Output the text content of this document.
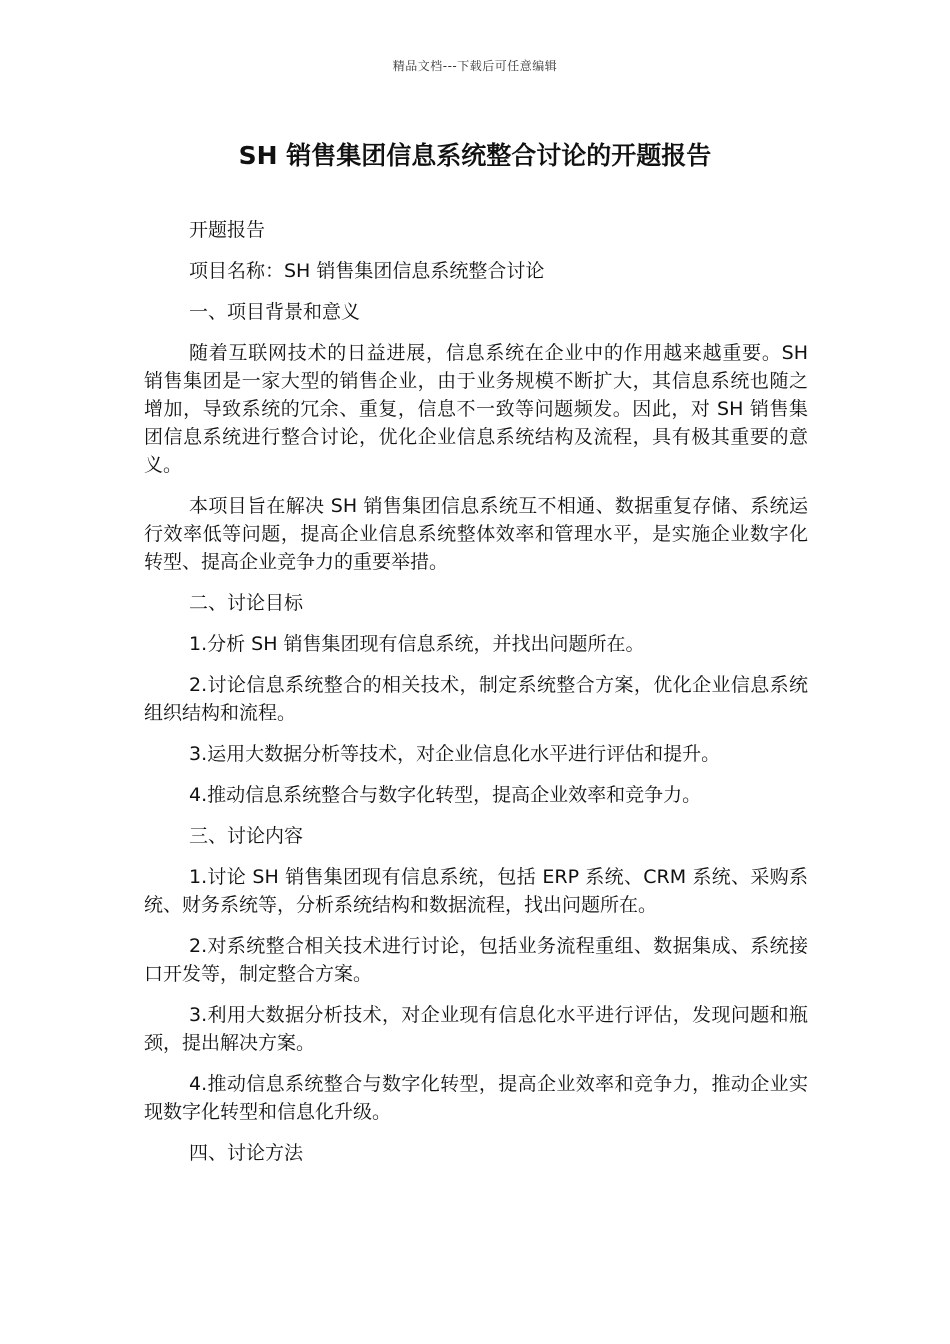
精品文档---下载后可任意编辑
SH 销售集团信息系统整合讨论的开题报告

开题报告

项目名称：SH 销售集团信息系统整合讨论

一、项目背景和意义

随着互联网技术的日益进展，信息系统在企业中的作用越来越重要。SH 销售集团是一家大型的销售企业，由于业务规模不断扩大，其信息系统也随之增加，导致系统的冗余、重复，信息不一致等问题频发。因此，对 SH 销售集团信息系统进行整合讨论，优化企业信息系统结构及流程，具有极其重要的意义。

本项目旨在解决 SH 销售集团信息系统互不相通、数据重复存储、系统运行效率低等问题，提高企业信息系统整体效率和管理水平，是实施企业数字化转型、提高企业竞争力的重要举措。

二、讨论目标

1.分析 SH 销售集团现有信息系统，并找出问题所在。

2.讨论信息系统整合的相关技术，制定系统整合方案，优化企业信息系统组织结构和流程。

3.运用大数据分析等技术，对企业信息化水平进行评估和提升。

4.推动信息系统整合与数字化转型，提高企业效率和竞争力。

三、讨论内容

1.讨论 SH 销售集团现有信息系统，包括 ERP 系统、CRM 系统、采购系统、财务系统等，分析系统结构和数据流程，找出问题所在。

2.对系统整合相关技术进行讨论，包括业务流程重组、数据集成、系统接口开发等，制定整合方案。

3.利用大数据分析技术，对企业现有信息化水平进行评估，发现问题和瓶颈，提出解决方案。

4.推动信息系统整合与数字化转型，提高企业效率和竞争力，推动企业实现数字化转型和信息化升级。

四、讨论方法
